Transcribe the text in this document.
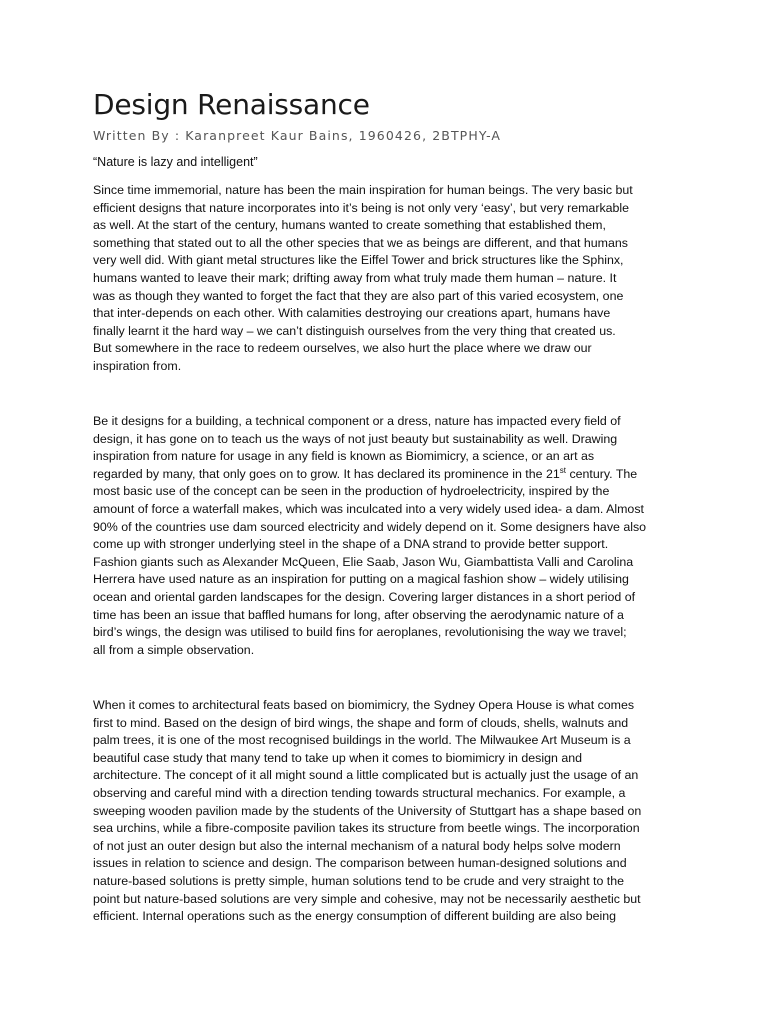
Design Renaissance

Written By : Karanpreet Kaur Bains, 1960426, 2BTPHY-A

“Nature is lazy and intelligent”

Since time immemorial, nature has been the main inspiration for human beings. The very basic but
efficient designs that nature incorporates into it’s being is not only very ‘easy’, but very remarkable
as well. At the start of the century, humans wanted to create something that established them,
something that stated out to all the other species that we as beings are different, and that humans
very well did. With giant metal structures like the Eiffel Tower and brick structures like the Sphinx,
humans wanted to leave their mark; drifting away from what truly made them human – nature. It
was as though they wanted to forget the fact that they are also part of this varied ecosystem, one
that inter-depends on each other. With calamities destroying our creations apart, humans have
finally learnt it the hard way – we can’t distinguish ourselves from the very thing that created us.
But somewhere in the race to redeem ourselves, we also hurt the place where we draw our
inspiration from.
Be it designs for a building, a technical component or a dress, nature has impacted every field of
design, it has gone on to teach us the ways of not just beauty but sustainability as well. Drawing
inspiration from nature for usage in any field is known as Biomimicry, a science, or an art as
regarded by many, that only goes on to grow. It has declared its prominence in the 21st century. The
most basic use of the concept can be seen in the production of hydroelectricity, inspired by the
amount of force a waterfall makes, which was inculcated into a very widely used idea- a dam. Almost
90% of the countries use dam sourced electricity and widely depend on it. Some designers have also
come up with stronger underlying steel in the shape of a DNA strand to provide better support.
Fashion giants such as Alexander McQueen, Elie Saab, Jason Wu, Giambattista Valli and Carolina
Herrera have used nature as an inspiration for putting on a magical fashion show – widely utilising
ocean and oriental garden landscapes for the design. Covering larger distances in a short period of
time has been an issue that baffled humans for long, after observing the aerodynamic nature of a
bird’s wings, the design was utilised to build fins for aeroplanes, revolutionising the way we travel;
all from a simple observation.
When it comes to architectural feats based on biomimicry, the Sydney Opera House is what comes
first to mind. Based on the design of bird wings, the shape and form of clouds, shells, walnuts and
palm trees, it is one of the most recognised buildings in the world. The Milwaukee Art Museum is a
beautiful case study that many tend to take up when it comes to biomimicry in design and
architecture. The concept of it all might sound a little complicated but is actually just the usage of an
observing and careful mind with a direction tending towards structural mechanics. For example, a
sweeping wooden pavilion made by the students of the University of Stuttgart has a shape based on
sea urchins, while a fibre-composite pavilion takes its structure from beetle wings. The incorporation
of not just an outer design but also the internal mechanism of a natural body helps solve modern
issues in relation to science and design. The comparison between human-designed solutions and
nature-based solutions is pretty simple, human solutions tend to be crude and very straight to the
point but nature-based solutions are very simple and cohesive, may not be necessarily aesthetic but
efficient. Internal operations such as the energy consumption of different building are also being
